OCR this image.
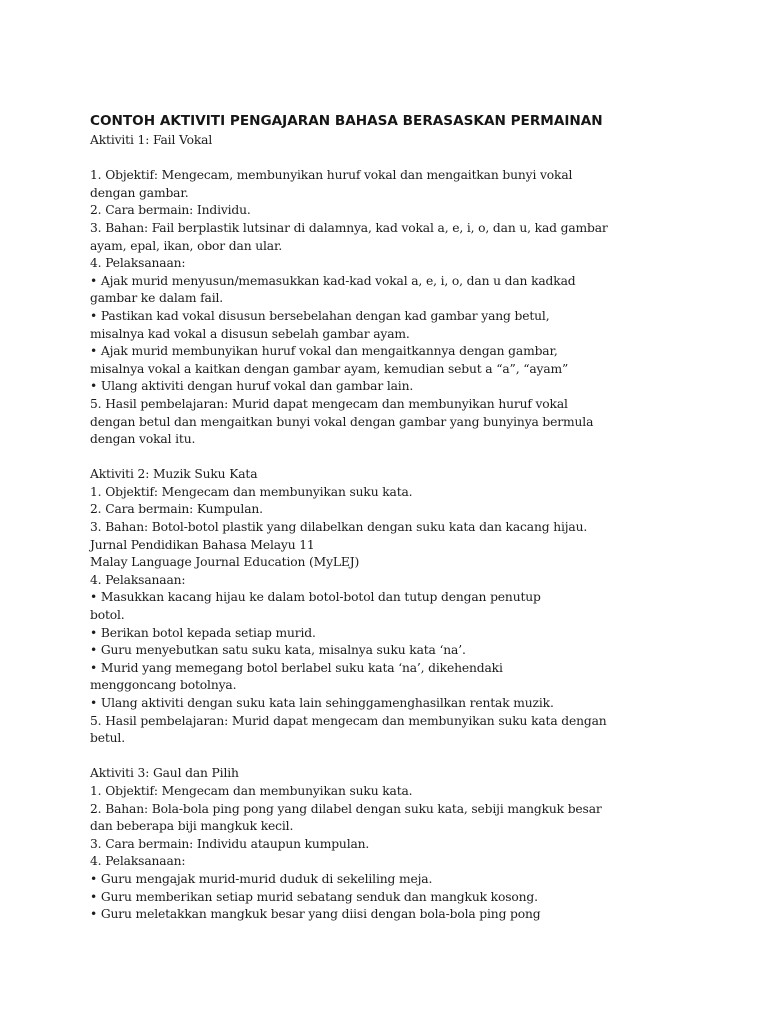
CONTOH AKTIVITI PENGAJARAN BAHASA BERASASKAN PERMAINAN
Aktiviti 1: Fail Vokal
1. Objektif: Mengecam, membunyikan huruf vokal dan mengaitkan bunyi vokal
dengan gambar.
2. Cara bermain: Individu.
3. Bahan: Fail berplastik lutsinar di dalamnya, kad vokal a, e, i, o, dan u, kad gambar
ayam, epal, ikan, obor dan ular.
4. Pelaksanaan:
• Ajak murid menyusun/memasukkan kad-kad vokal a, e, i, o, dan u dan kadkad
gambar ke dalam fail.
• Pastikan kad vokal disusun bersebelahan dengan kad gambar yang betul,
misalnya kad vokal a disusun sebelah gambar ayam.
• Ajak murid membunyikan huruf vokal dan mengaitkannya dengan gambar,
misalnya vokal a kaitkan dengan gambar ayam, kemudian sebut a “a”, “ayam”
• Ulang aktiviti dengan huruf vokal dan gambar lain.
5. Hasil pembelajaran: Murid dapat mengecam dan membunyikan huruf vokal
dengan betul dan mengaitkan bunyi vokal dengan gambar yang bunyinya bermula
dengan vokal itu.
Aktiviti 2: Muzik Suku Kata
1. Objektif: Mengecam dan membunyikan suku kata.
2. Cara bermain: Kumpulan.
3. Bahan: Botol-botol plastik yang dilabelkan dengan suku kata dan kacang hijau.
Jurnal Pendidikan Bahasa Melayu 11
Malay Language Journal Education (MyLEJ)
4. Pelaksanaan:
• Masukkan kacang hijau ke dalam botol-botol dan tutup dengan penutup
botol.
• Berikan botol kepada setiap murid.
• Guru menyebutkan satu suku kata, misalnya suku kata ‘na’.
• Murid yang memegang botol berlabel suku kata ‘na’, dikehendaki
menggoncang botolnya.
• Ulang aktiviti dengan suku kata lain sehinggamenghasilkan rentak muzik.
5. Hasil pembelajaran: Murid dapat mengecam dan membunyikan suku kata dengan
betul.
Aktiviti 3: Gaul dan Pilih
1. Objektif: Mengecam dan membunyikan suku kata.
2. Bahan: Bola-bola ping pong yang dilabel dengan suku kata, sebiji mangkuk besar
dan beberapa biji mangkuk kecil.
3. Cara bermain: Individu ataupun kumpulan.
4. Pelaksanaan:
• Guru mengajak murid-murid duduk di sekeliling meja.
• Guru memberikan setiap murid sebatang senduk dan mangkuk kosong.
• Guru meletakkan mangkuk besar yang diisi dengan bola-bola ping pong
